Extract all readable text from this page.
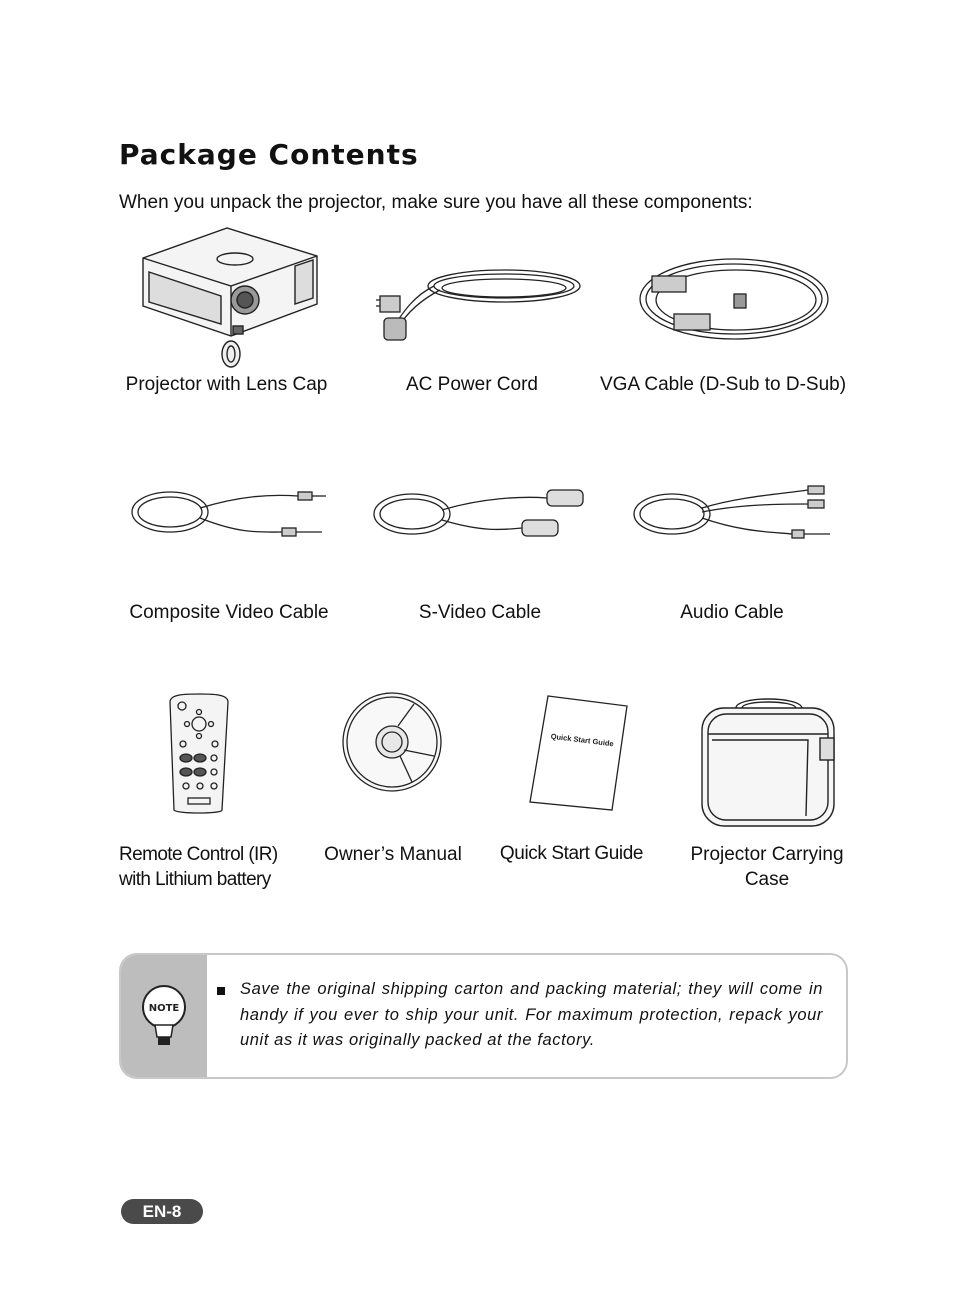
Package Contents
When you unpack the projector, make sure you have all these components:
Projector with Lens Cap	AC Power Cord	VGA Cable (D-Sub to D-Sub)
Composite Video Cable	S-Video Cable	Audio Cable
Remote Control (IR)
with Lithium battery
Owner’s Manual
Quick Start Guide
Quick Start Guide	Projector Carrying
Case
NOTE
Save the original shipping carton and packing material; they will come in handy if you ever to ship your unit. For maximum protection, repack your unit as it was originally packed at the factory.
EN-8
